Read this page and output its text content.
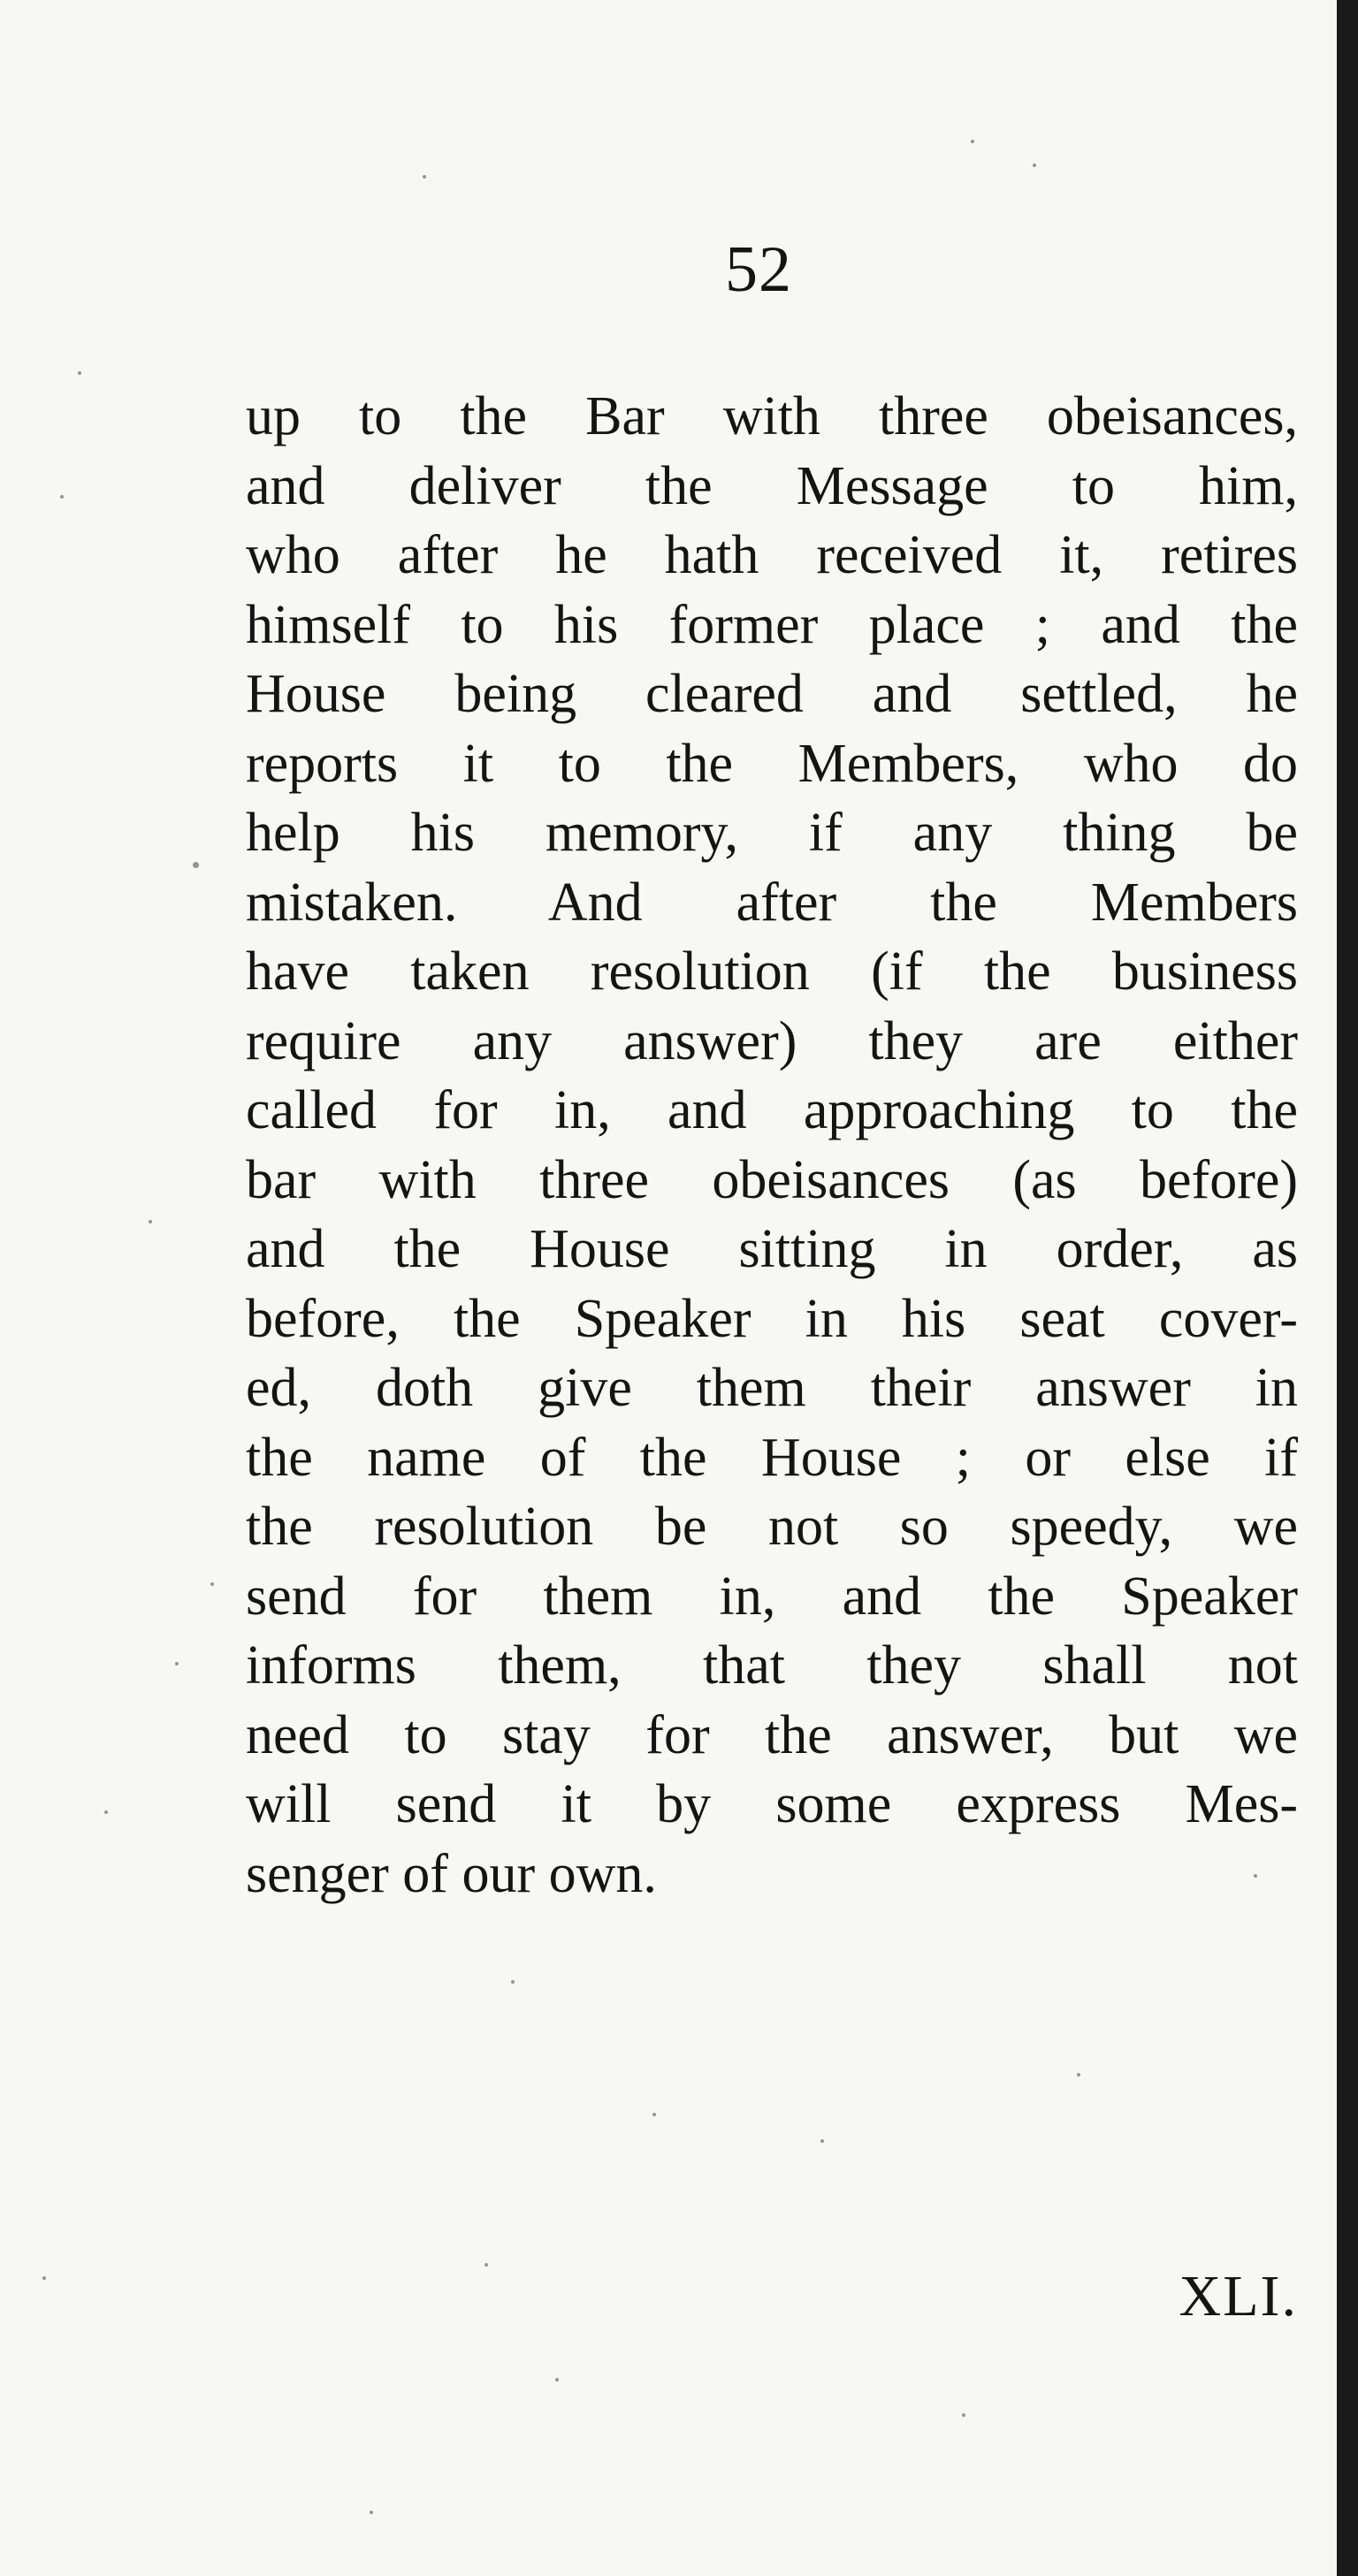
52
up to the Bar with three obeisances,
and deliver the Message to him,
who after he hath received it, retires
himself to his former place ; and the
House being cleared and settled, he
reports it to the Members, who do
help his memory, if any thing be
mistaken. And after the Members
have taken resolution (if the business
require any answer) they are either
called for in, and approaching to the
bar with three obeisances (as before)
and the House sitting in order, as
before, the Speaker in his seat cover-
ed, doth give them their answer in
the name of the House ; or else if
the resolution be not so speedy, we
send for them in, and the Speaker
informs them, that they shall not
need to stay for the answer, but we
will send it by some express Mes-
senger of our own.
XLI.
